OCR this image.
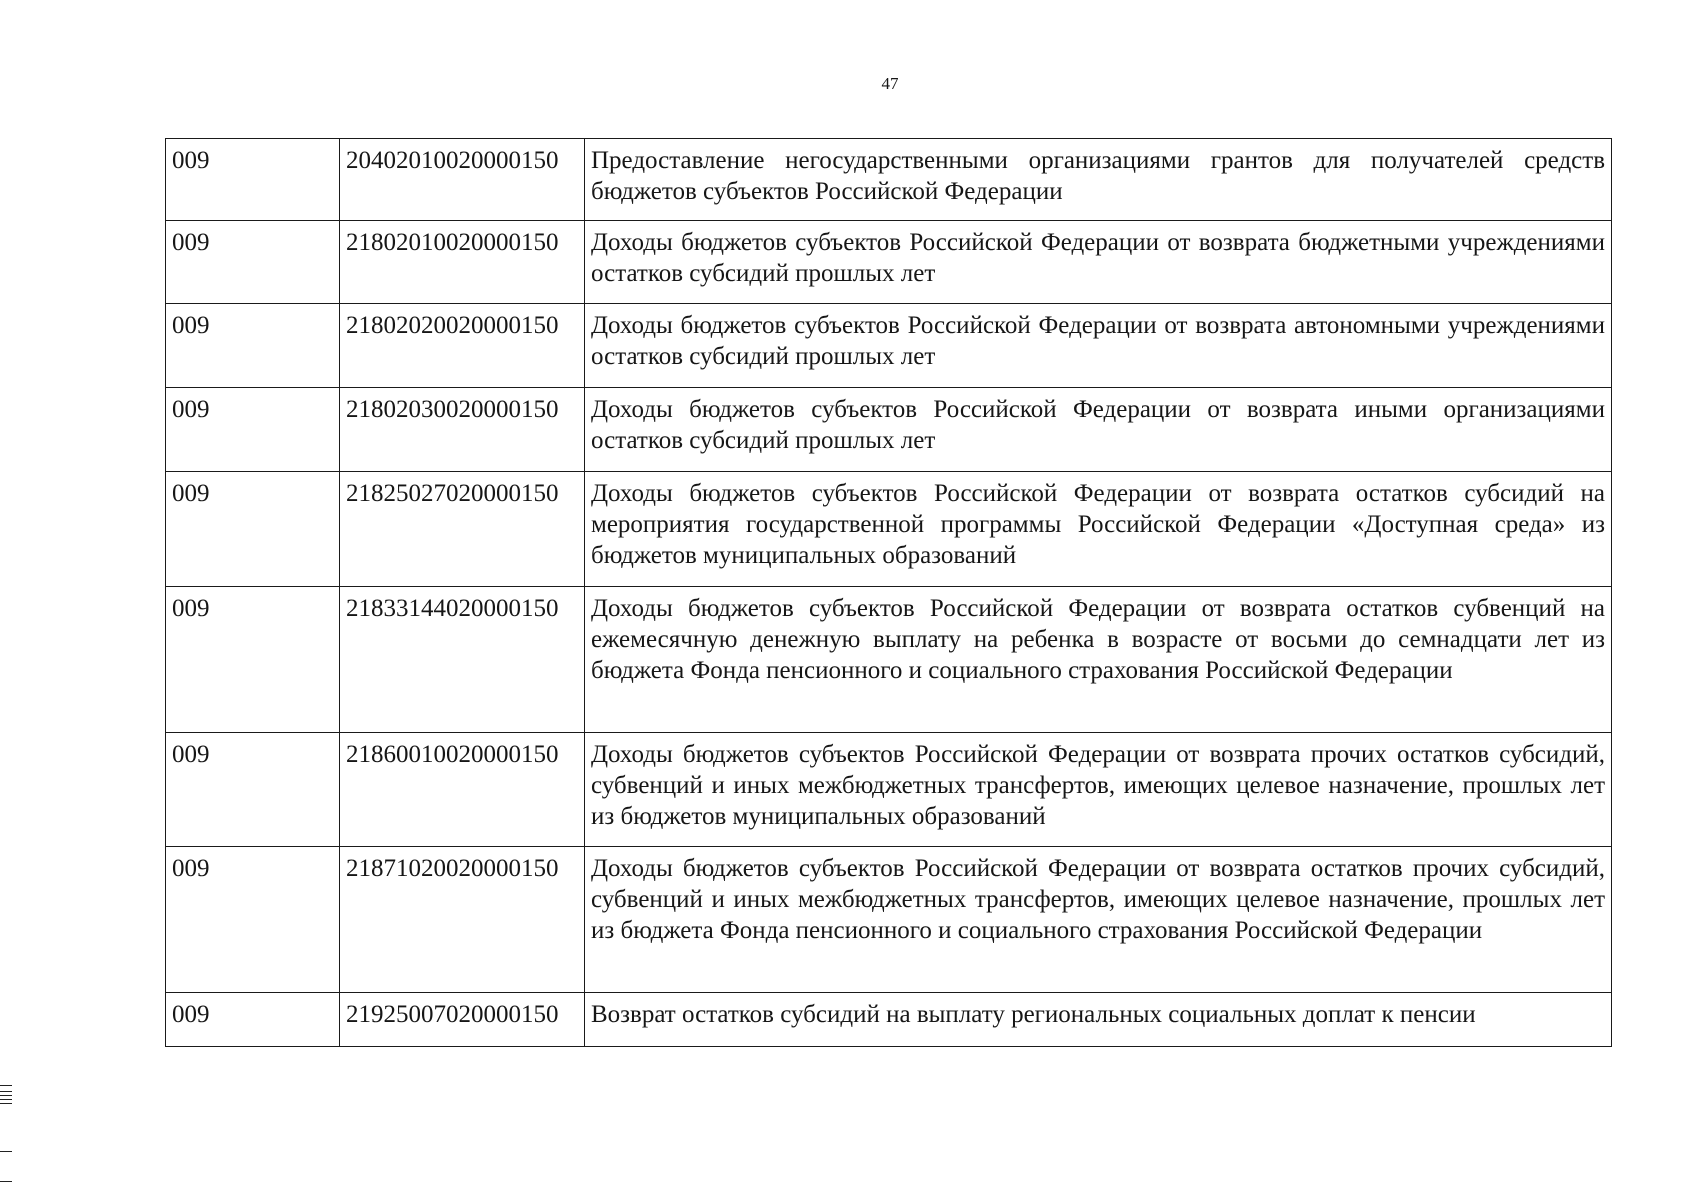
47
009	20402010020000150	Предоставление негосударственными организациями грантов для получателей средств бюджетов субъектов Российской Федерации
009	21802010020000150	Доходы бюджетов субъектов Российской Федерации от возврата бюджетными учреждениями остатков субсидий прошлых лет
009	21802020020000150	Доходы бюджетов субъектов Российской Федерации от возврата автономными учреждениями остатков субсидий прошлых лет
009	21802030020000150	Доходы бюджетов субъектов Российской Федерации от возврата иными организациями остатков субсидий прошлых лет
009	21825027020000150	Доходы бюджетов субъектов Российской Федерации от возврата остатков субсидий на мероприятия государственной программы Российской Федерации «Доступная среда» из бюджетов муниципальных образований
009	21833144020000150	Доходы бюджетов субъектов Российской Федерации от возврата остатков субвенций на ежемесячную денежную выплату на ребенка в возрасте от восьми до семнадцати лет из бюджета Фонда пенсионного и социального страхования Российской Федерации
009	21860010020000150	Доходы бюджетов субъектов Российской Федерации от возврата прочих остатков субсидий, субвенций и иных межбюджетных трансфертов, имеющих целевое назначение, прошлых лет из бюджетов муниципальных образований
009	21871020020000150	Доходы бюджетов субъектов Российской Федерации от возврата остатков прочих субсидий, субвенций и иных межбюджетных трансфертов, имеющих целевое назначение, прошлых лет из бюджета Фонда пенсионного и социального страхования Российской Федерации
009	21925007020000150	Возврат остатков субсидий на выплату региональных социальных доплат к пенсии
